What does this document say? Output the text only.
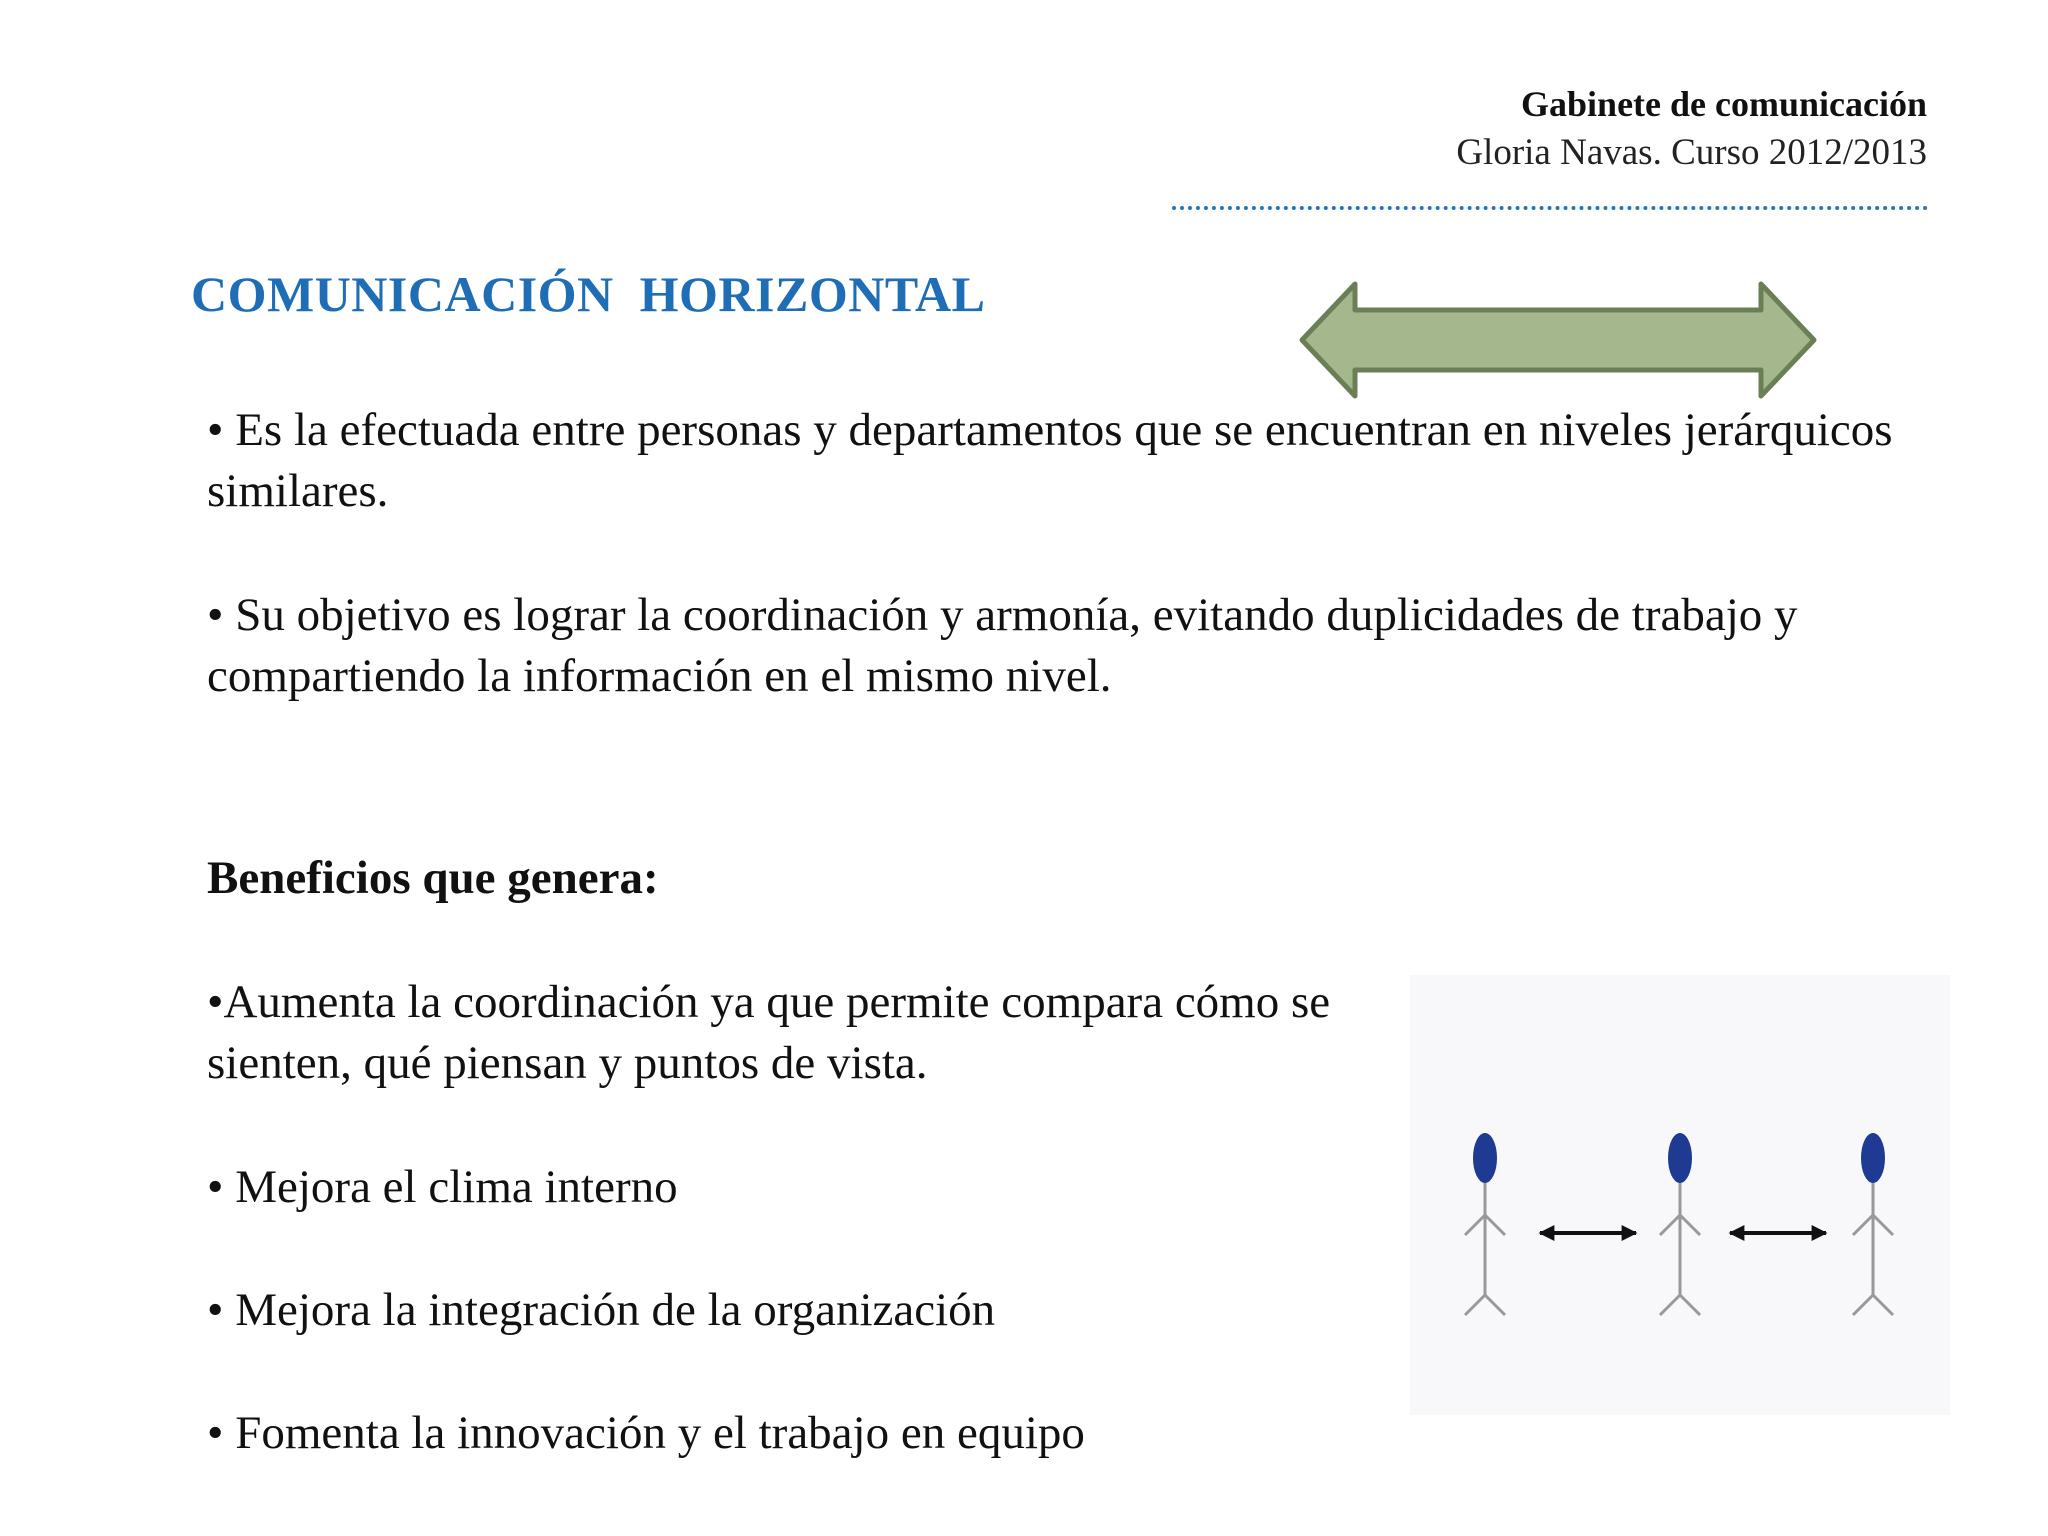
Gabinete de comunicación
Gloria Navas. Curso 2012/2013
COMUNICACIÓN  HORIZONTAL
• Es la efectuada entre personas y departamentos que se encuentran en niveles jerárquicos similares.
• Su objetivo es lograr la coordinación y armonía, evitando duplicidades de trabajo y compartiendo la información en el mismo nivel.
Beneficios que genera:
•Aumenta la coordinación ya que permite compara cómo se sienten, qué piensan y puntos de vista.
• Mejora el clima interno
• Mejora la integración de la organización
• Fomenta la innovación y el trabajo en equipo
